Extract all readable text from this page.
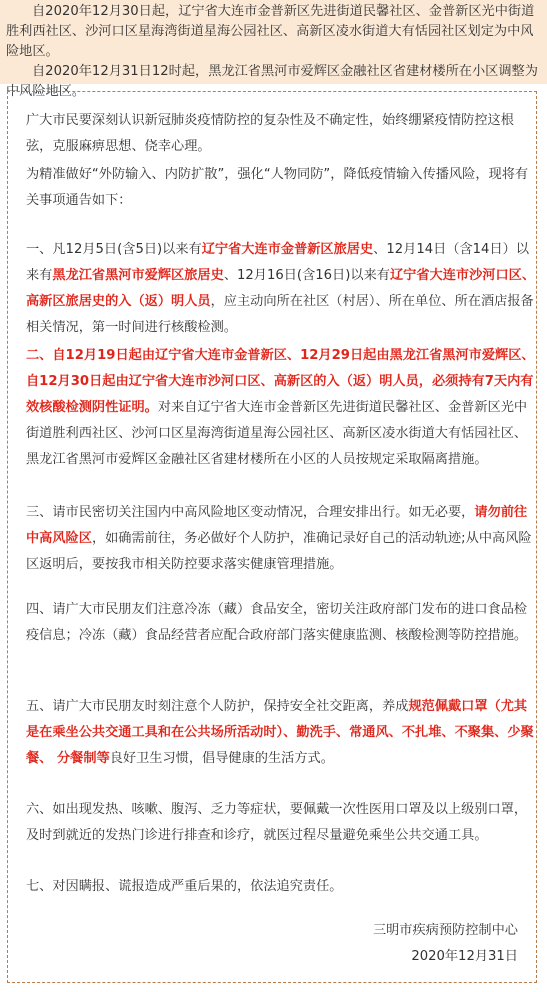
自2020年12月30日起，辽宁省大连市金普新区先进街道民馨社区、金普新区光中街道胜利西社区、沙河口区星海湾街道星海公园社区、高新区凌水街道大有恬园社区划定为中风险地区。

自2020年12月31日12时起，黑龙江省黑河市爱辉区金融社区省建材楼所在小区调整为中风险地区。

广大市民要深刻认识新冠肺炎疫情防控的复杂性及不确定性，始终绷紧疫情防控这根弦，克服麻痹思想、侥幸心理。

为精准做好“外防输入、内防扩散”，强化“人物同防”，降低疫情输入传播风险，现将有关事项通告如下：

一、凡12月5日(含5日)以来有辽宁省大连市金普新区旅居史、12月14日（含14日）以来有黑龙江省黑河市爱辉区旅居史、12月16日(含16日)以来有辽宁省大连市沙河口区、高新区旅居史的入（返）明人员，应主动向所在社区（村居）、所在单位、所在酒店报备相关情况，第一时间进行核酸检测。

二、自12月19日起由辽宁省大连市金普新区、12月29日起由黑龙江省黑河市爱辉区、自12月30日起由辽宁省大连市沙河口区、高新区的入（返）明人员，必须持有7天内有效核酸检测阴性证明。对来自辽宁省大连市金普新区先进街道民馨社区、金普新区光中街道胜利西社区、沙河口区星海湾街道星海公园社区、高新区凌水街道大有恬园社区、黑龙江省黑河市爱辉区金融社区省建材楼所在小区的人员按规定采取隔离措施。

三、请市民密切关注国内中高风险地区变动情况，合理安排出行。如无必要，请勿前往中高风险区，如确需前往，务必做好个人防护，准确记录好自己的活动轨迹;从中高风险区返明后，要按我市相关防控要求落实健康管理措施。

四、请广大市民朋友们注意冷冻（藏）食品安全，密切关注政府部门发布的进口食品检疫信息；冷冻（藏）食品经营者应配合政府部门落实健康监测、核酸检测等防控措施。

五、请广大市民朋友时刻注意个人防护，保持安全社交距离，养成规范佩戴口罩（尤其是在乘坐公共交通工具和在公共场所活动时）、勤洗手、常通风、不扎堆、不聚集、少聚餐、 分餐制等良好卫生习惯，倡导健康的生活方式。

六、如出现发热、咳嗽、腹泻、乏力等症状，要佩戴一次性医用口罩及以上级别口罩，及时到就近的发热门诊进行排查和诊疗，就医过程尽量避免乘坐公共交通工具。

七、对因瞒报、谎报造成严重后果的，依法追究责任。

三明市疾病预防控制中心

2020年12月31日
